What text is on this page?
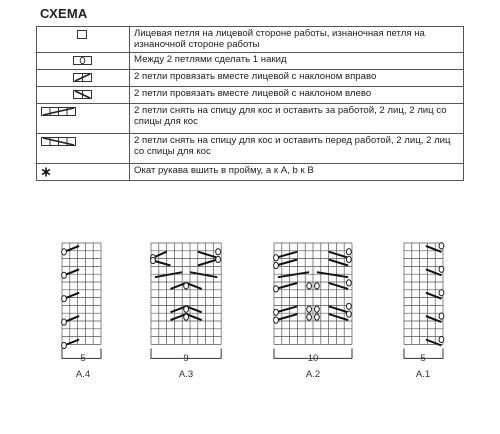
СХЕМА
	Лицевая петля на лицевой стороне работы, изнаночная петля на изнаночной стороне работы

	Между 2 петлями сделать 1 накид

	2 петли провязать вместе лицевой с наклоном вправо

	2 петли провязать вместе лицевой с наклоном влево

	2 петли снять на спицу для кос и оставить за работой, 2 лиц, 2 лиц со спицы для кос

	2 петли снять на спицу для кос и оставить перед работой, 2 лиц, 2 лиц со спицы для кос

	Окат рукава вшить в пройму, а к A, b к B
5
A.4
9
A.3
10
A.2
5
A.1
